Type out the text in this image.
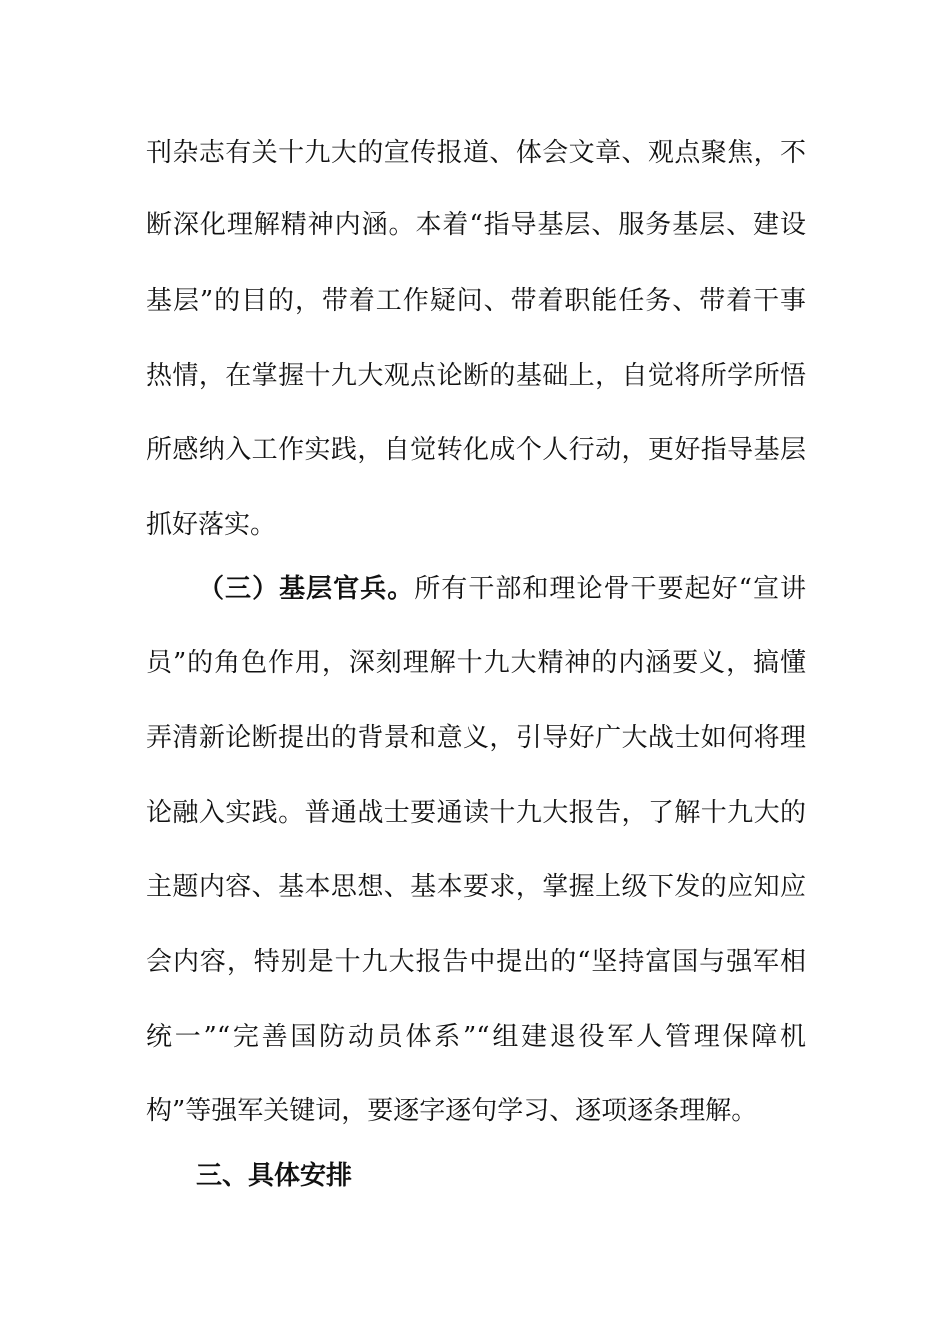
刊杂志有关十九大的宣传报道、体会文章、观点聚焦，不
断深化理解精神内涵。本着“指导基层、服务基层、建设
基层”的目的，带着工作疑问、带着职能任务、带着干事
热情，在掌握十九大观点论断的基础上，自觉将所学所悟
所感纳入工作实践，自觉转化成个人行动，更好指导基层
抓好落实。
（三）基层官兵。所有干部和理论骨干要起好“宣讲
员”的角色作用，深刻理解十九大精神的内涵要义，搞懂
弄清新论断提出的背景和意义，引导好广大战士如何将理
论融入实践。普通战士要通读十九大报告，了解十九大的
主题内容、基本思想、基本要求，掌握上级下发的应知应
会内容，特别是十九大报告中提出的“坚持富国与强军相
统一”“完善国防动员体系”“组建退役军人管理保障机
构”等强军关键词，要逐字逐句学习、逐项逐条理解。
三、具体安排
